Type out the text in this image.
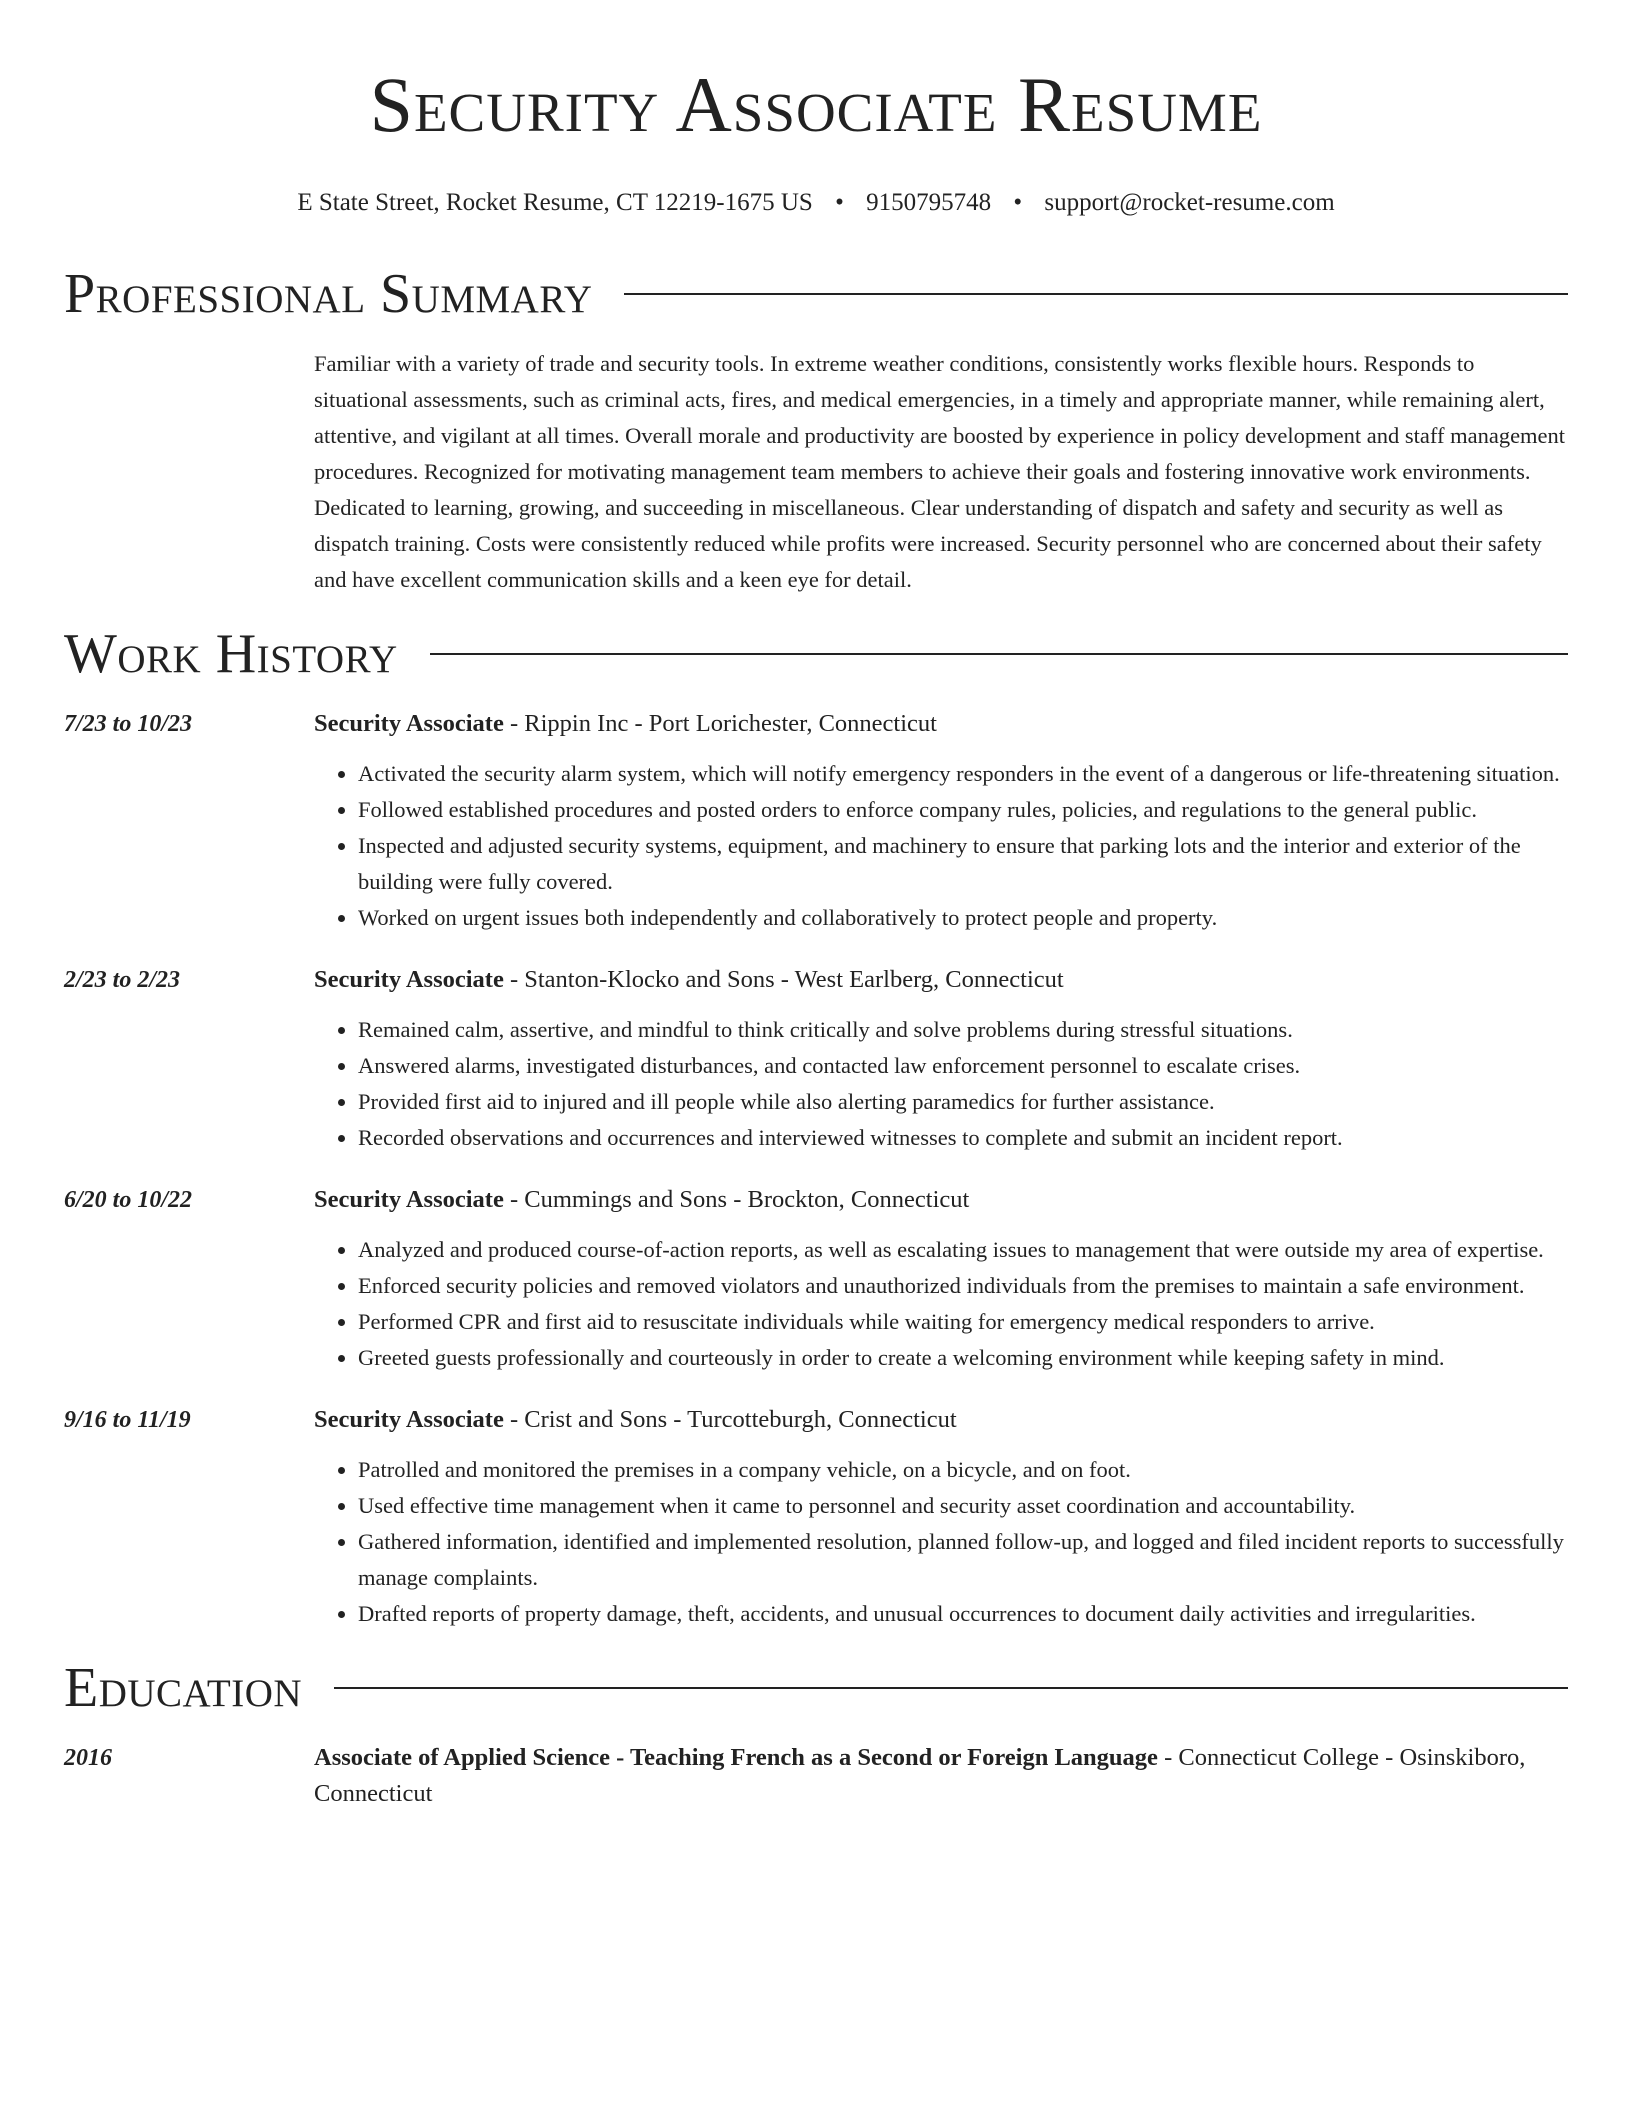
Security Associate Resume
E State Street, Rocket Resume, CT 12219-1675 US • 9150795748 • support@rocket-resume.com
Professional Summary
Familiar with a variety of trade and security tools. In extreme weather conditions, consistently works flexible hours. Responds to situational assessments, such as criminal acts, fires, and medical emergencies, in a timely and appropriate manner, while remaining alert, attentive, and vigilant at all times. Overall morale and productivity are boosted by experience in policy development and staff management procedures. Recognized for motivating management team members to achieve their goals and fostering innovative work environments. Dedicated to learning, growing, and succeeding in miscellaneous. Clear understanding of dispatch and safety and security as well as dispatch training. Costs were consistently reduced while profits were increased. Security personnel who are concerned about their safety and have excellent communication skills and a keen eye for detail.
Work History
7/23 to 10/23	Security Associate - Rippin Inc - Port Lorichester, Connecticut
• Activated the security alarm system, which will notify emergency responders in the event of a dangerous or life-threatening situation.
• Followed established procedures and posted orders to enforce company rules, policies, and regulations to the general public.
• Inspected and adjusted security systems, equipment, and machinery to ensure that parking lots and the interior and exterior of the building were fully covered.
• Worked on urgent issues both independently and collaboratively to protect people and property.
2/23 to 2/23	Security Associate - Stanton-Klocko and Sons - West Earlberg, Connecticut
• Remained calm, assertive, and mindful to think critically and solve problems during stressful situations.
• Answered alarms, investigated disturbances, and contacted law enforcement personnel to escalate crises.
• Provided first aid to injured and ill people while also alerting paramedics for further assistance.
• Recorded observations and occurrences and interviewed witnesses to complete and submit an incident report.
6/20 to 10/22	Security Associate - Cummings and Sons - Brockton, Connecticut
• Analyzed and produced course-of-action reports, as well as escalating issues to management that were outside my area of expertise.
• Enforced security policies and removed violators and unauthorized individuals from the premises to maintain a safe environment.
• Performed CPR and first aid to resuscitate individuals while waiting for emergency medical responders to arrive.
• Greeted guests professionally and courteously in order to create a welcoming environment while keeping safety in mind.
9/16 to 11/19	Security Associate - Crist and Sons - Turcotteburgh, Connecticut
• Patrolled and monitored the premises in a company vehicle, on a bicycle, and on foot.
• Used effective time management when it came to personnel and security asset coordination and accountability.
• Gathered information, identified and implemented resolution, planned follow-up, and logged and filed incident reports to successfully manage complaints.
• Drafted reports of property damage, theft, accidents, and unusual occurrences to document daily activities and irregularities.
Education
2016	Associate of Applied Science - Teaching French as a Second or Foreign Language - Connecticut College - Osinskiboro, Connecticut
